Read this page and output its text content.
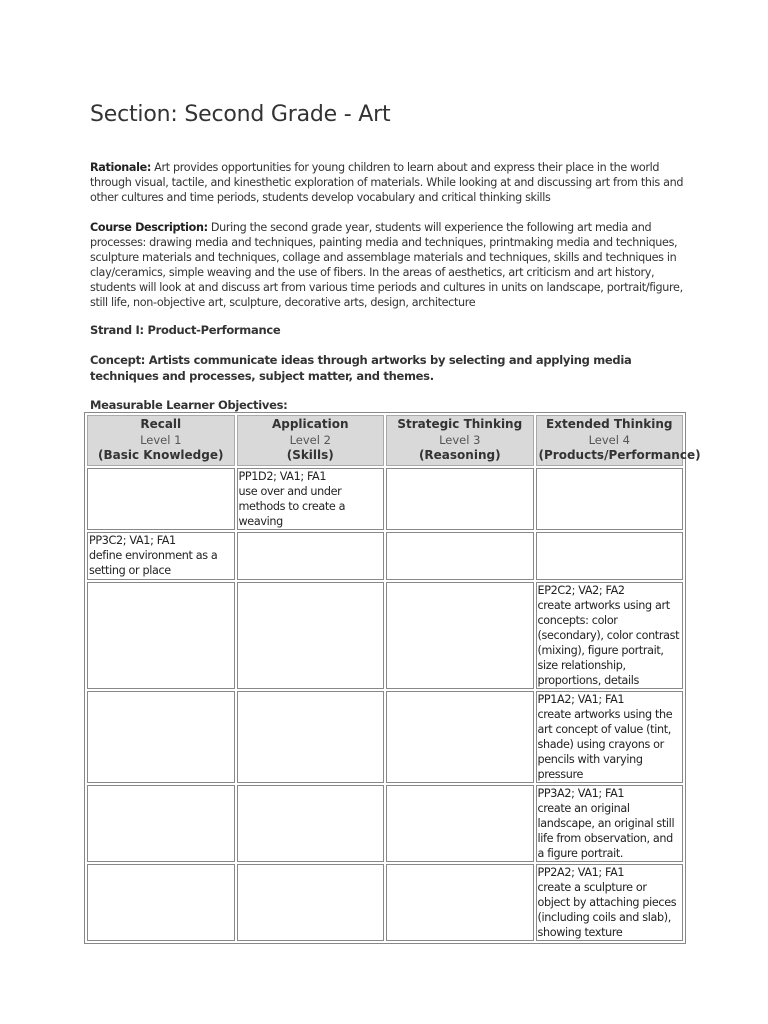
Section: Second Grade - Art

Rationale: Art provides opportunities for young children to learn about and express their place in the world through visual, tactile, and kinesthetic exploration of materials. While looking at and discussing art from this and other cultures and time periods, students develop vocabulary and critical thinking skills

Course Description: During the second grade year, students will experience the following art media and processes: drawing media and techniques, painting media and techniques, printmaking media and techniques, sculpture materials and techniques, collage and assemblage materials and techniques, skills and techniques in clay/ceramics, simple weaving and the use of fibers. In the areas of aesthetics, art criticism and art history, students will look at and discuss art from various time periods and cultures in units on landscape, portrait/figure, still life, non-objective art, sculpture, decorative arts, design, architecture

Strand I: Product-Performance

Concept: Artists communicate ideas through artworks by selecting and applying media techniques and processes, subject matter, and themes.

Measurable Learner Objectives:

Recall
Level 1
(Basic Knowledge)	Application
Level 2
(Skills)	Strategic Thinking
Level 3
(Reasoning)	Extended Thinking
Level 4
(Products/Performance)

	PP1D2; VA1; FA1
use over and under methods to create a weaving		

PP3C2; VA1; FA1
define environment as a setting or place			

			EP2C2; VA2; FA2
create artworks using art concepts: color (secondary), color contrast (mixing), figure portrait, size relationship, proportions, details

			PP1A2; VA1; FA1
create artworks using the art concept of value (tint, shade) using crayons or pencils with varying pressure

			PP3A2; VA1; FA1
create an original landscape, an original still life from observation, and a figure portrait.

			PP2A2; VA1; FA1
create a sculpture or object by attaching pieces (including coils and slab), showing texture
